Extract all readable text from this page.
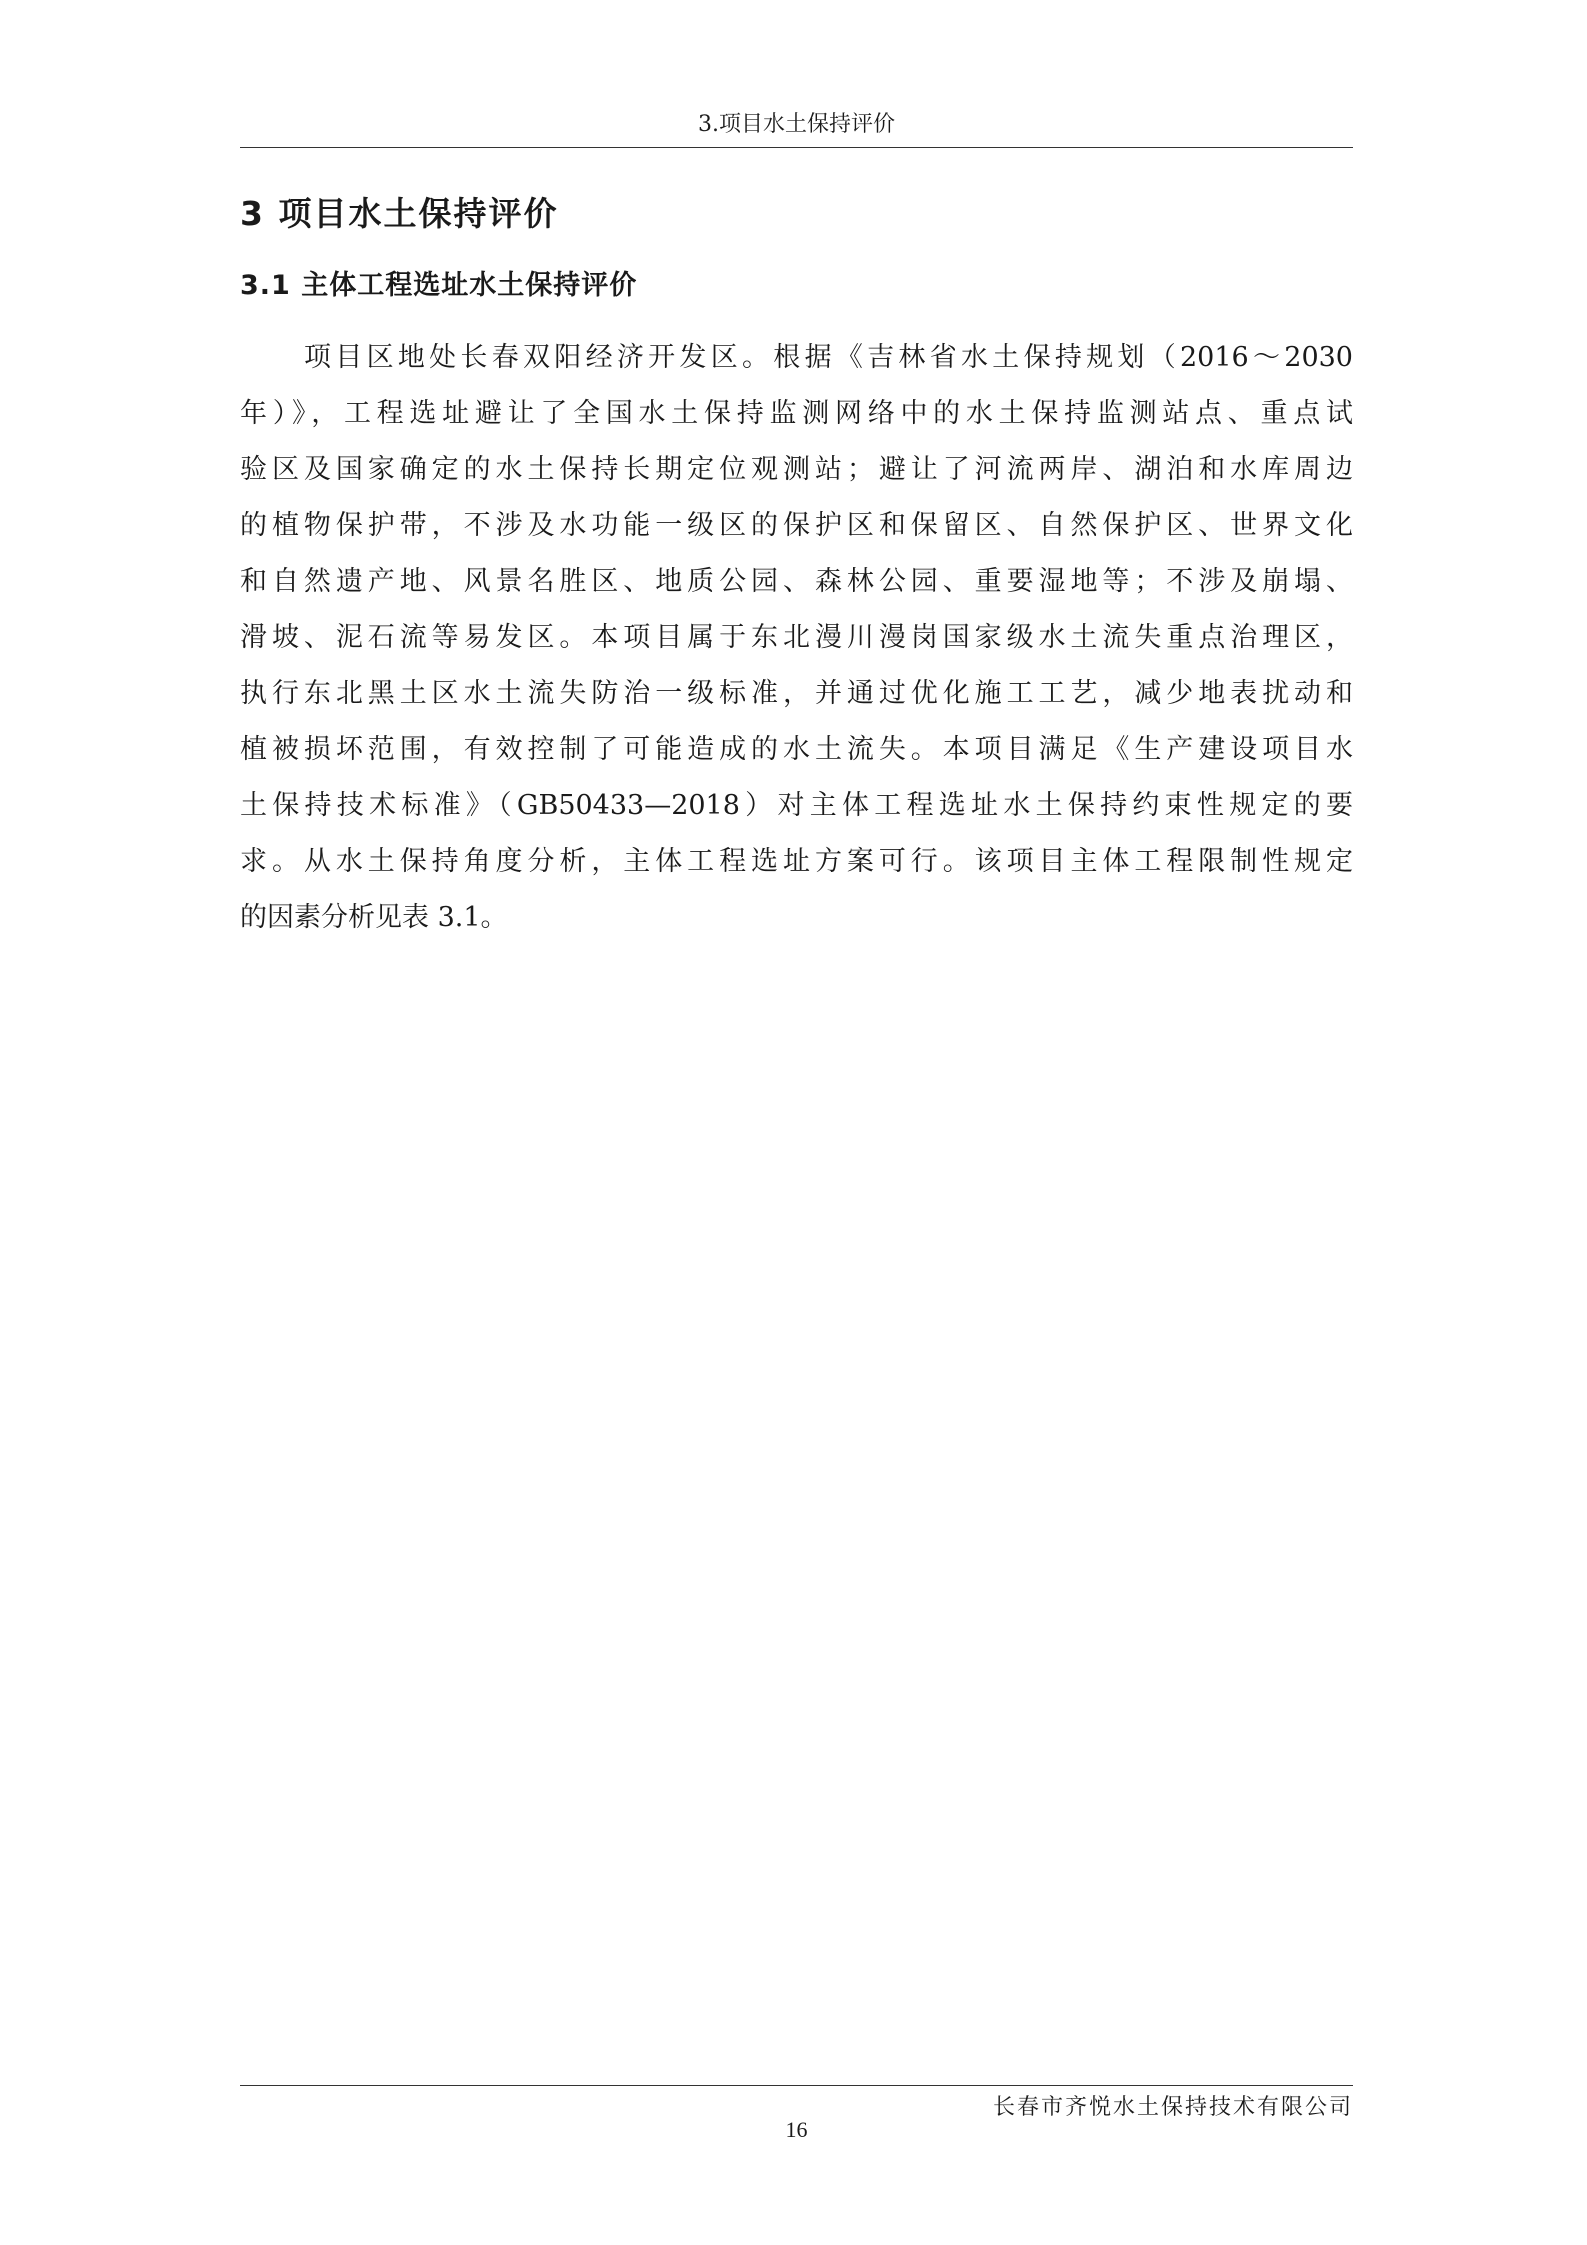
3.项目水土保持评价
3 项目水土保持评价
3.1 主体工程选址水土保持评价
项目区地处长春双阳经济开发区。根据《吉林省水土保持规划（2016～2030
年）》，工程选址避让了全国水土保持监测网络中的水土保持监测站点、重点试
验区及国家确定的水土保持长期定位观测站；避让了河流两岸、湖泊和水库周边
的植物保护带，不涉及水功能一级区的保护区和保留区、自然保护区、世界文化
和自然遗产地、风景名胜区、地质公园、森林公园、重要湿地等；不涉及崩塌、
滑坡、泥石流等易发区。本项目属于东北漫川漫岗国家级水土流失重点治理区，
执行东北黑土区水土流失防治一级标准，并通过优化施工工艺，减少地表扰动和
植被损坏范围，有效控制了可能造成的水土流失。本项目满足《生产建设项目水
土保持技术标准》（GB50433—2018）对主体工程选址水土保持约束性规定的要
求。从水土保持角度分析，主体工程选址方案可行。该项目主体工程限制性规定
的因素分析见表 3.1。
长春市齐悦水土保持技术有限公司
16
